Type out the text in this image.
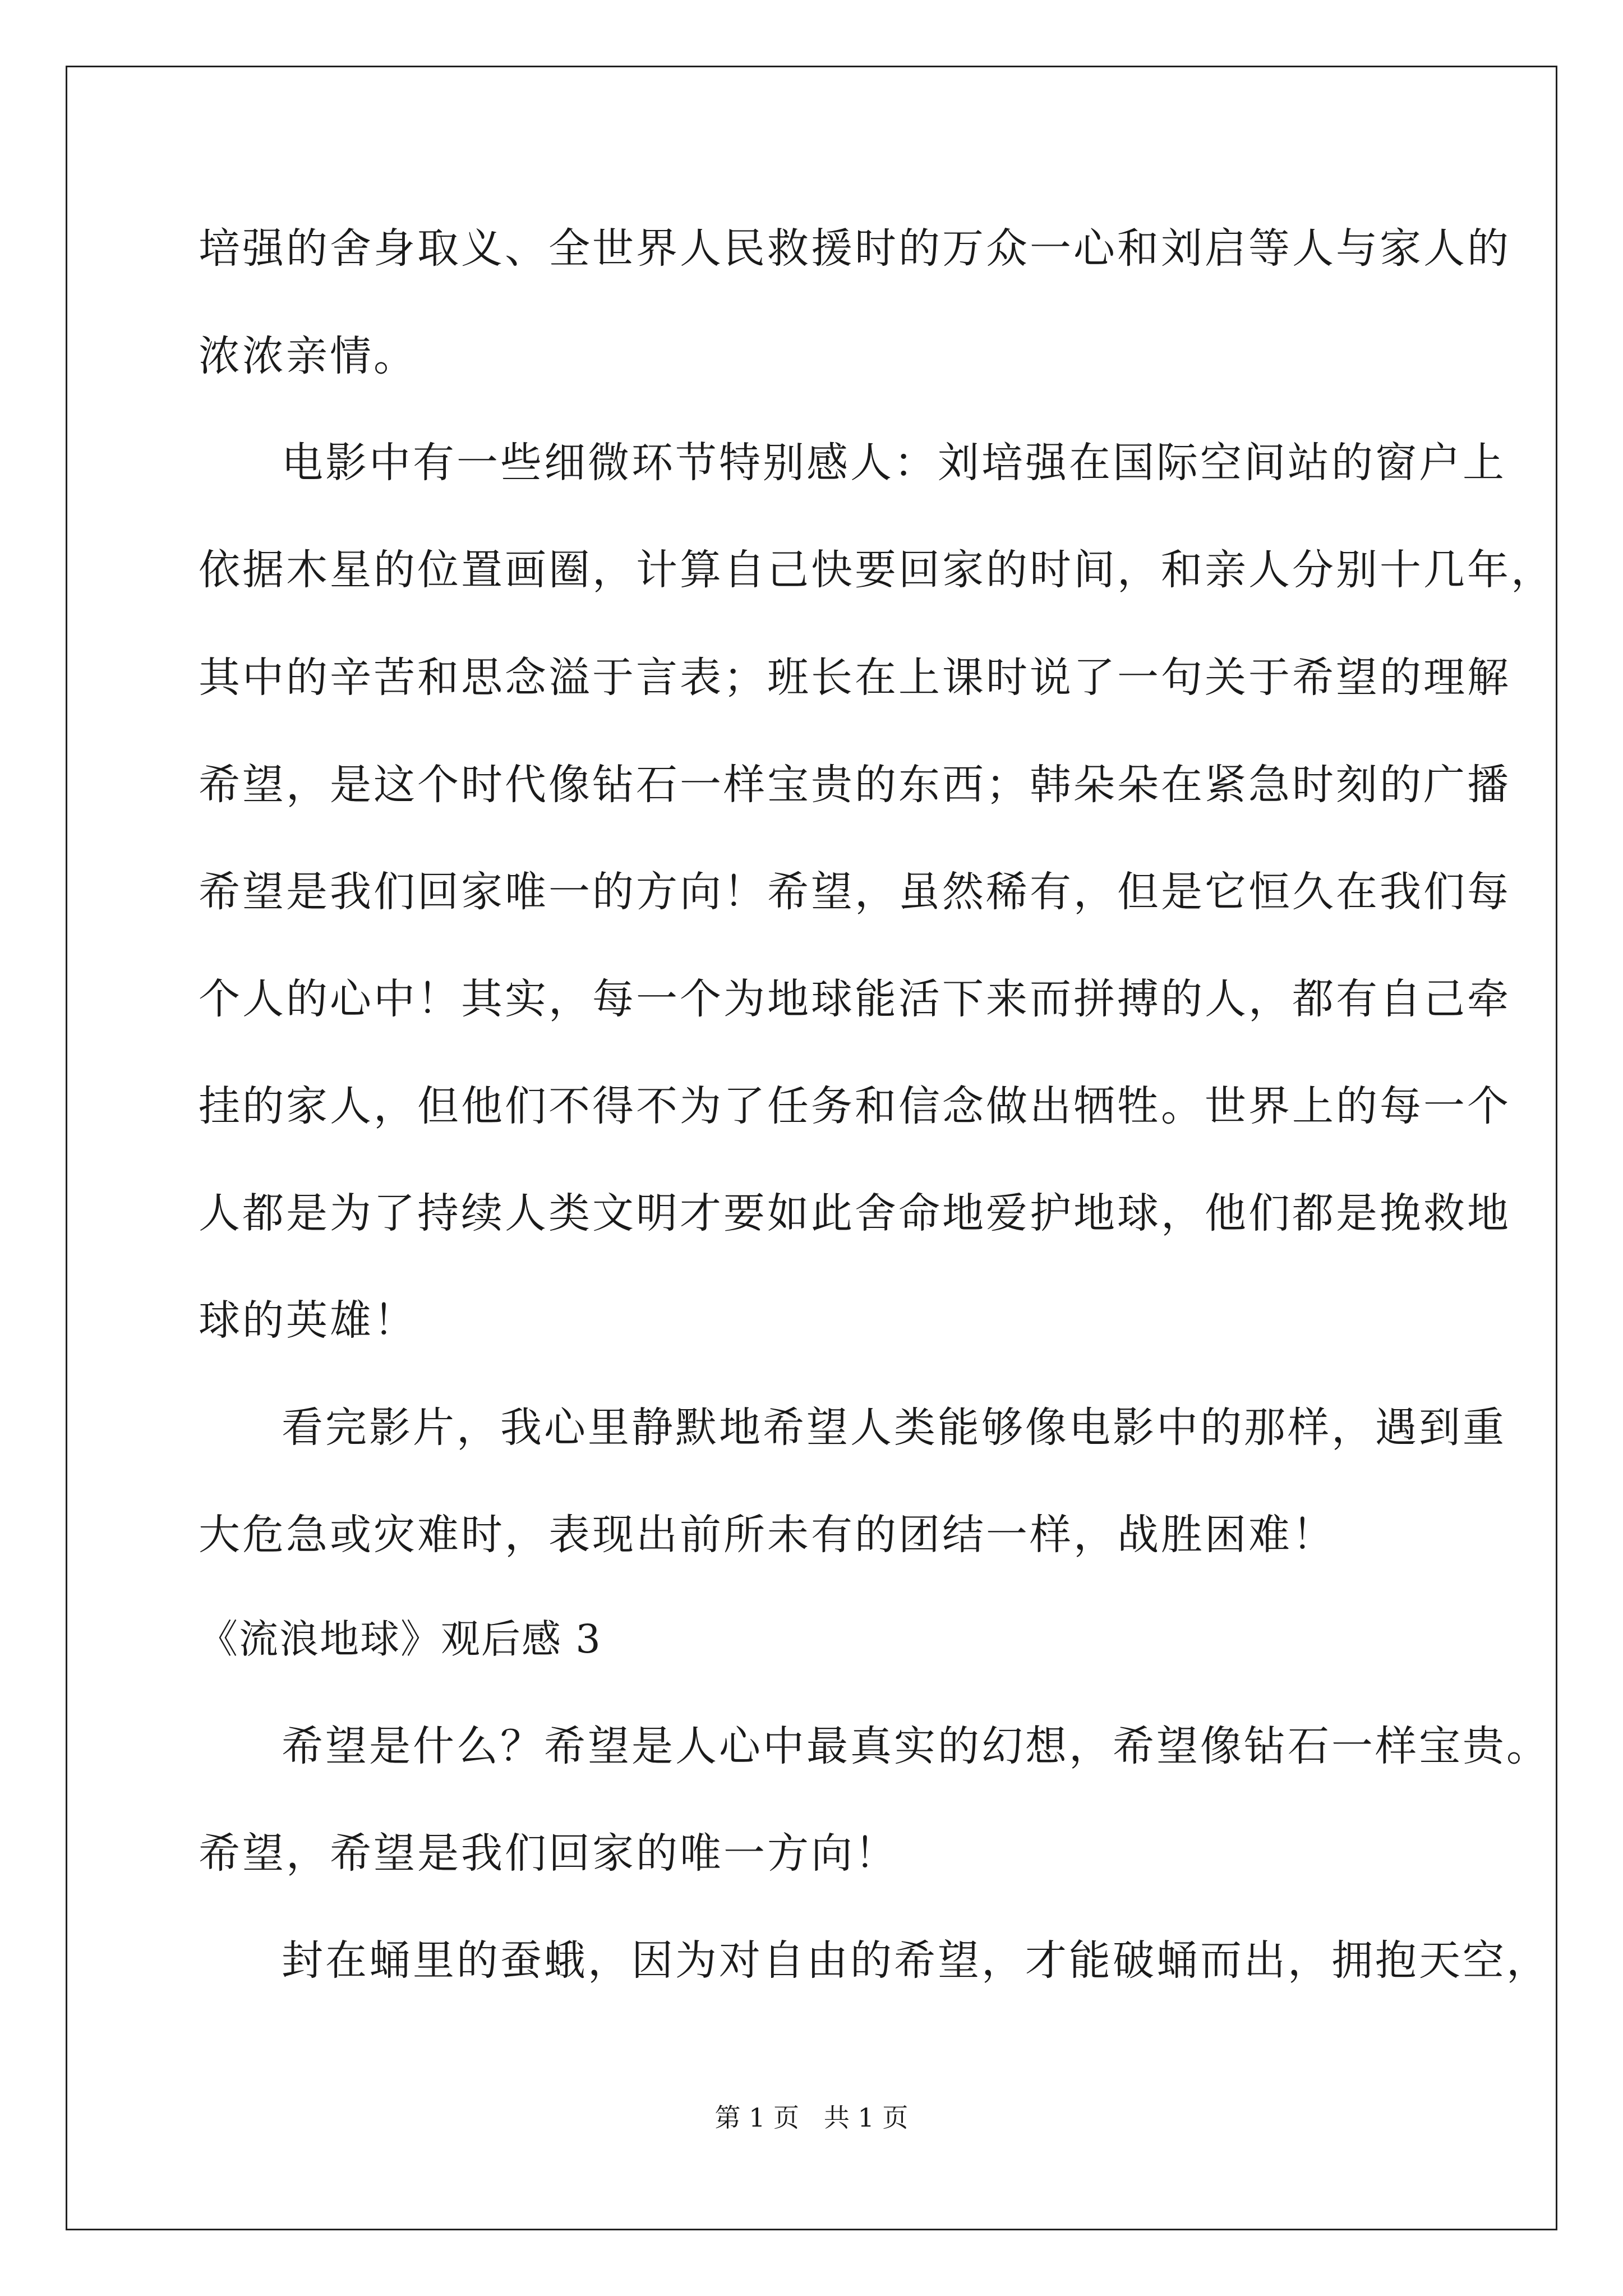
培强的舍身取义、全世界人民救援时的万众一心和刘启等人与家人的
浓浓亲情。
电影中有一些细微环节特别感人：刘培强在国际空间站的窗户上
依据木星的位置画圈，计算自己快要回家的时间，和亲人分别十几年，
其中的辛苦和思念溢于言表；班长在上课时说了一句关于希望的理解
希望，是这个时代像钻石一样宝贵的东西；韩朵朵在紧急时刻的广播
希望是我们回家唯一的方向！希望，虽然稀有，但是它恒久在我们每
个人的心中！其实，每一个为地球能活下来而拼搏的人，都有自己牵
挂的家人，但他们不得不为了任务和信念做出牺牲。世界上的每一个
人都是为了持续人类文明才要如此舍命地爱护地球，他们都是挽救地
球的英雄！
看完影片，我心里静默地希望人类能够像电影中的那样，遇到重
大危急或灾难时，表现出前所未有的团结一样，战胜困难！
《流浪地球》观后感 3
希望是什么？希望是人心中最真实的幻想，希望像钻石一样宝贵。
希望，希望是我们回家的唯一方向！
封在蛹里的蚕蛾，因为对自由的希望，才能破蛹而出，拥抱天空，
第 1 页   共 1 页
